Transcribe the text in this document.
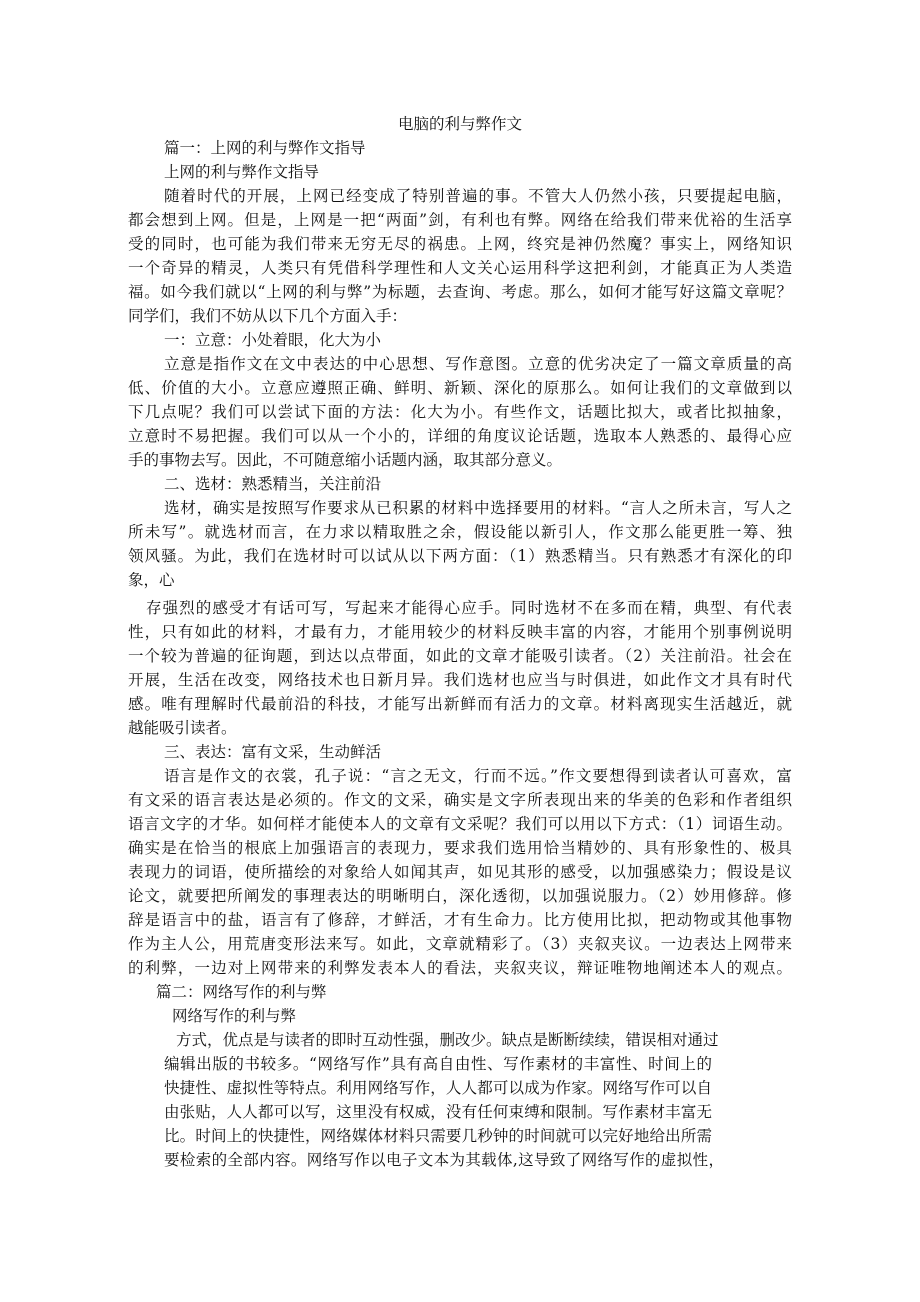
电脑的利与弊作文
篇一：上网的利与弊作文指导
上网的利与弊作文指导
随着时代的开展，上网已经变成了特别普遍的事。不管大人仍然小孩，只要提起电脑，
都会想到上网。但是，上网是一把“两面”剑，有利也有弊。网络在给我们带来优裕的生活享
受的同时，也可能为我们带来无穷无尽的祸患。上网，终究是神仍然魔？事实上，网络知识
一个奇异的精灵，人类只有凭借科学理性和人文关心运用科学这把利剑，才能真正为人类造
福。如今我们就以“上网的利与弊”为标题，去查询、考虑。那么，如何才能写好这篇文章呢？
同学们，我们不妨从以下几个方面入手：
一：立意：小处着眼，化大为小
立意是指作文在文中表达的中心思想、写作意图。立意的优劣决定了一篇文章质量的高
低、价值的大小。立意应遵照正确、鲜明、新颖、深化的原那么。如何让我们的文章做到以
下几点呢？我们可以尝试下面的方法：化大为小。有些作文，话题比拟大，或者比拟抽象，
立意时不易把握。我们可以从一个小的，详细的角度议论话题，选取本人熟悉的、最得心应
手的事物去写。因此，不可随意缩小话题内涵，取其部分意义。
二、选材：熟悉精当，关注前沿
选材，确实是按照写作要求从已积累的材料中选择要用的材料。“言人之所未言，写人之
所未写”。就选材而言，在力求以精取胜之余，假设能以新引人，作文那么能更胜一筹、独
领风骚。为此，我们在选材时可以试从以下两方面：（1）熟悉精当。只有熟悉才有深化的印
象，心
存强烈的感受才有话可写，写起来才能得心应手。同时选材不在多而在精，典型、有代表
性，只有如此的材料，才最有力，才能用较少的材料反映丰富的内容，才能用个别事例说明
一个较为普遍的征询题，到达以点带面，如此的文章才能吸引读者。（2）关注前沿。社会在
开展，生活在改变，网络技术也日新月异。我们选材也应当与时俱进，如此作文才具有时代
感。唯有理解时代最前沿的科技，才能写出新鲜而有活力的文章。材料离现实生活越近，就
越能吸引读者。
三、表达：富有文采，生动鲜活
语言是作文的衣裳，孔子说：“言之无文，行而不远。”作文要想得到读者认可喜欢，富
有文采的语言表达是必须的。作文的文采，确实是文字所表现出来的华美的色彩和作者组织
语言文字的才华。如何样才能使本人的文章有文采呢？我们可以用以下方式：（1）词语生动。
确实是在恰当的根底上加强语言的表现力，要求我们选用恰当精妙的、具有形象性的、极具
表现力的词语，使所描绘的对象给人如闻其声，如见其形的感受，以加强感染力；假设是议
论文，就要把所阐发的事理表达的明晰明白，深化透彻，以加强说服力。（2）妙用修辞。修
辞是语言中的盐，语言有了修辞，才鲜活，才有生命力。比方使用比拟，把动物或其他事物
作为主人公，用荒唐变形法来写。如此，文章就精彩了。（3）夹叙夹议。一边表达上网带来
的利弊，一边对上网带来的利弊发表本人的看法，夹叙夹议，辩证唯物地阐述本人的观点。
篇二：网络写作的利与弊
网络写作的利与弊
方式，优点是与读者的即时互动性强，删改少。缺点是断断续续，错误相对通过
编辑出版的书较多。“网络写作”具有高自由性、写作素材的丰富性、时间上的
快捷性、虚拟性等特点。利用网络写作，人人都可以成为作家。网络写作可以自
由张贴，人人都可以写，这里没有权威，没有任何束缚和限制。写作素材丰富无
比。时间上的快捷性，网络媒体材料只需要几秒钟的时间就可以完好地给出所需
要检索的全部内容。网络写作以电子文本为其载体,这导致了网络写作的虚拟性，
